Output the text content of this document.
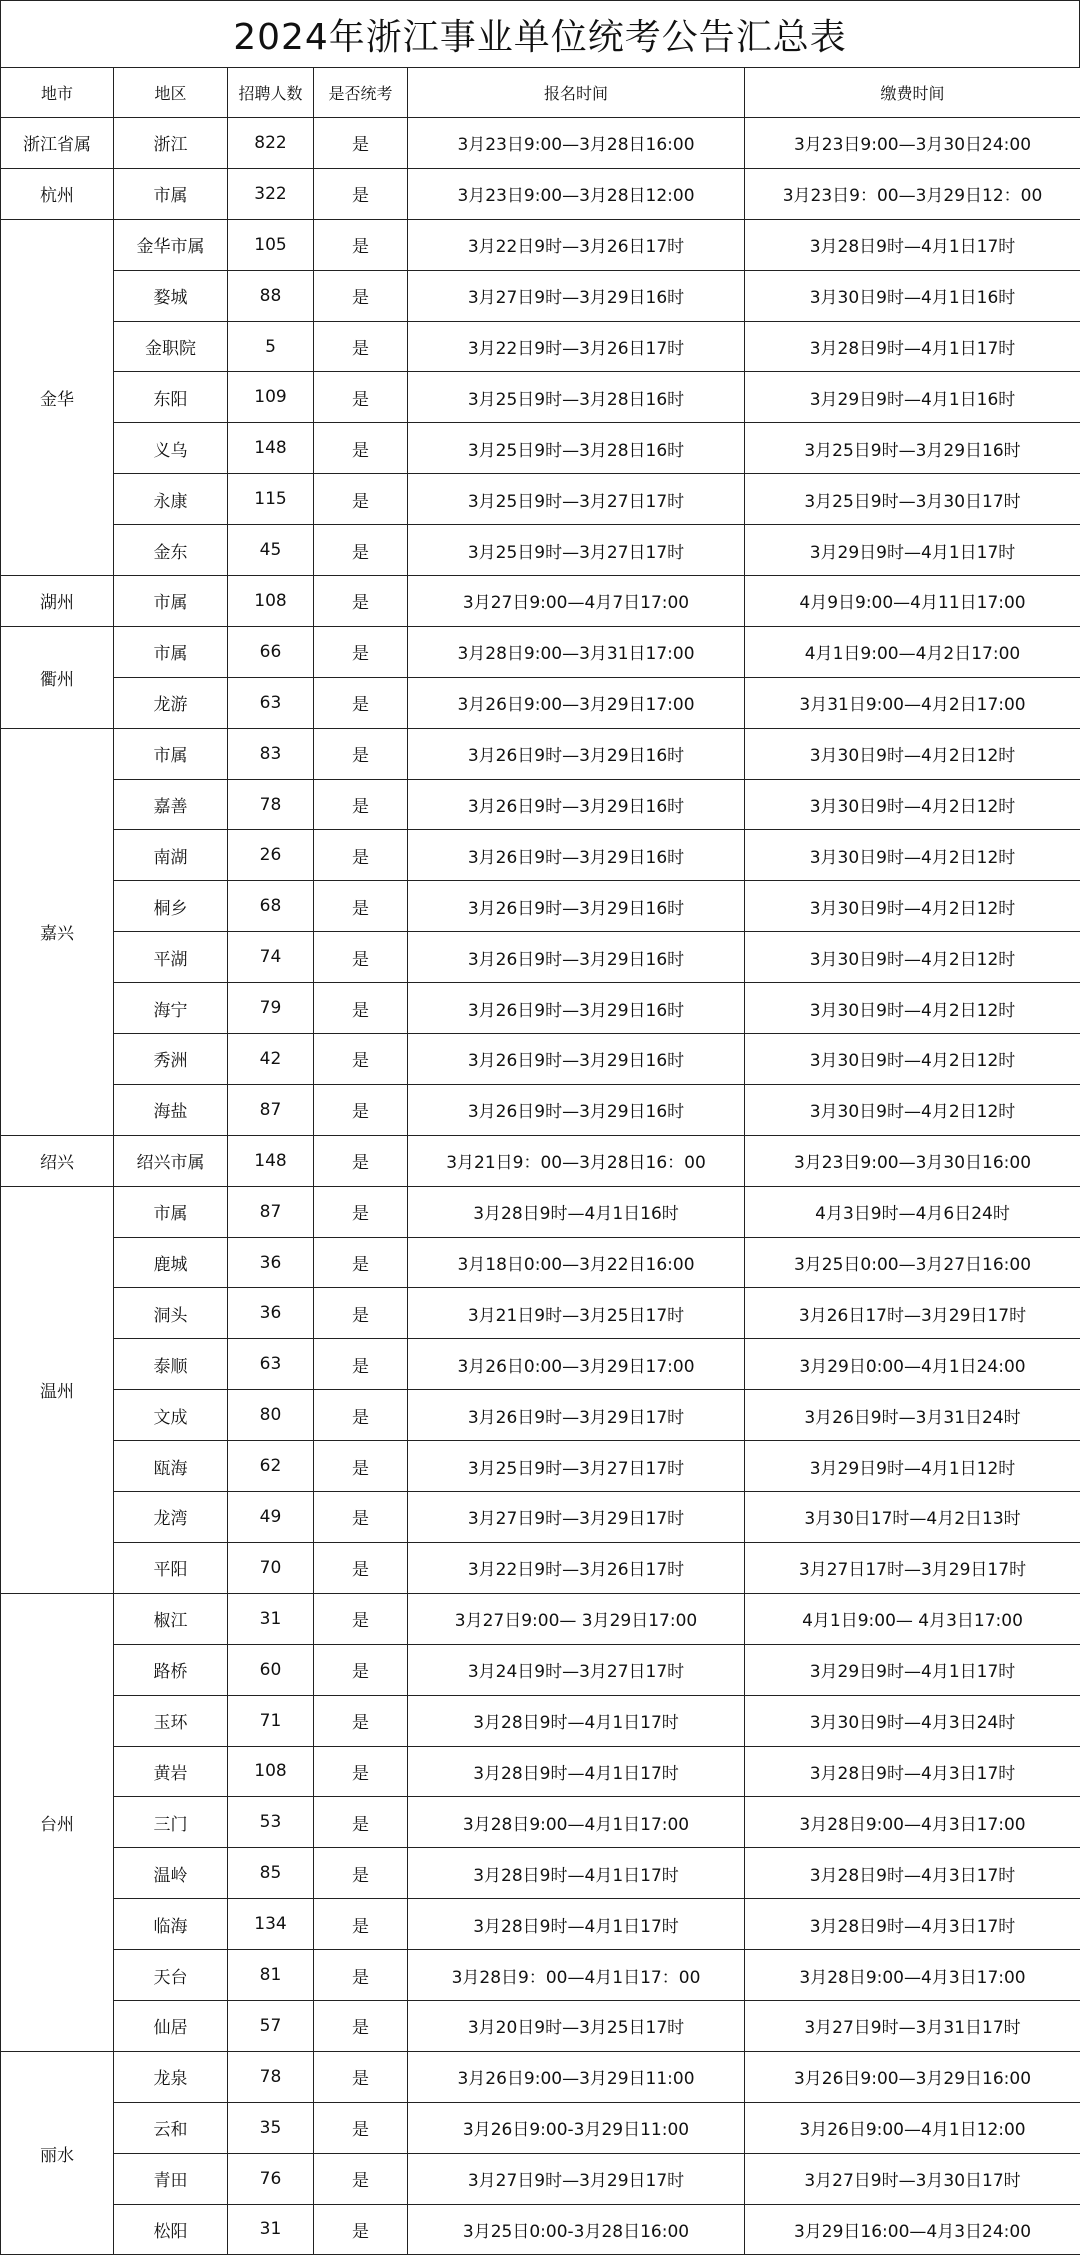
2024年浙江事业单位统考公告汇总表
地市	地区	招聘人数	是否统考	报名时间	缴费时间
浙江省属	浙江	822	是	3月23日9:00—3月28日16:00	3月23日9:00—3月30日24:00
杭州	市属	322	是	3月23日9:00—3月28日12:00	3月23日9：00—3月29日12：00
金华	金华市属	105	是	3月22日9时—3月26日17时	3月28日9时—4月1日17时
	婺城	88	是	3月27日9时—3月29日16时	3月30日9时—4月1日16时
	金职院	5	是	3月22日9时—3月26日17时	3月28日9时—4月1日17时
	东阳	109	是	3月25日9时—3月28日16时	3月29日9时—4月1日16时
	义乌	148	是	3月25日9时—3月28日16时	3月25日9时—3月29日16时
	永康	115	是	3月25日9时—3月27日17时	3月25日9时—3月30日17时
	金东	45	是	3月25日9时—3月27日17时	3月29日9时—4月1日17时
湖州	市属	108	是	3月27日9:00—4月7日17:00	4月9日9:00—4月11日17:00
衢州	市属	66	是	3月28日9:00—3月31日17:00	4月1日9:00—4月2日17:00
	龙游	63	是	3月26日9:00—3月29日17:00	3月31日9:00—4月2日17:00
嘉兴	市属	83	是	3月26日9时—3月29日16时	3月30日9时—4月2日12时
	嘉善	78	是	3月26日9时—3月29日16时	3月30日9时—4月2日12时
	南湖	26	是	3月26日9时—3月29日16时	3月30日9时—4月2日12时
	桐乡	68	是	3月26日9时—3月29日16时	3月30日9时—4月2日12时
	平湖	74	是	3月26日9时—3月29日16时	3月30日9时—4月2日12时
	海宁	79	是	3月26日9时—3月29日16时	3月30日9时—4月2日12时
	秀洲	42	是	3月26日9时—3月29日16时	3月30日9时—4月2日12时
	海盐	87	是	3月26日9时—3月29日16时	3月30日9时—4月2日12时
绍兴	绍兴市属	148	是	3月21日9：00—3月28日16：00	3月23日9:00—3月30日16:00
温州	市属	87	是	3月28日9时—4月1日16时	4月3日9时—4月6日24时
	鹿城	36	是	3月18日0:00—3月22日16:00	3月25日0:00—3月27日16:00
	洞头	36	是	3月21日9时—3月25日17时	3月26日17时—3月29日17时
	泰顺	63	是	3月26日0:00—3月29日17:00	3月29日0:00—4月1日24:00
	文成	80	是	3月26日9时—3月29日17时	3月26日9时—3月31日24时
	瓯海	62	是	3月25日9时—3月27日17时	3月29日9时—4月1日12时
	龙湾	49	是	3月27日9时—3月29日17时	3月30日17时—4月2日13时
	平阳	70	是	3月22日9时—3月26日17时	3月27日17时—3月29日17时
台州	椒江	31	是	3月27日9:00— 3月29日17:00	4月1日9:00— 4月3日17:00
	路桥	60	是	3月24日9时—3月27日17时	3月29日9时—4月1日17时
	玉环	71	是	3月28日9时—4月1日17时	3月30日9时—4月3日24时
	黄岩	108	是	3月28日9时—4月1日17时	3月28日9时—4月3日17时
	三门	53	是	3月28日9:00—4月1日17:00	3月28日9:00—4月3日17:00
	温岭	85	是	3月28日9时—4月1日17时	3月28日9时—4月3日17时
	临海	134	是	3月28日9时—4月1日17时	3月28日9时—4月3日17时
	天台	81	是	3月28日9：00—4月1日17：00	3月28日9:00—4月3日17:00
	仙居	57	是	3月20日9时—3月25日17时	3月27日9时—3月31日17时
丽水	龙泉	78	是	3月26日9:00—3月29日11:00	3月26日9:00—3月29日16:00
	云和	35	是	3月26日9:00-3月29日11:00	3月26日9:00—4月1日12:00
	青田	76	是	3月27日9时—3月29日17时	3月27日9时—3月30日17时
	松阳	31	是	3月25日0:00-3月28日16:00	3月29日16:00—4月3日24:00
